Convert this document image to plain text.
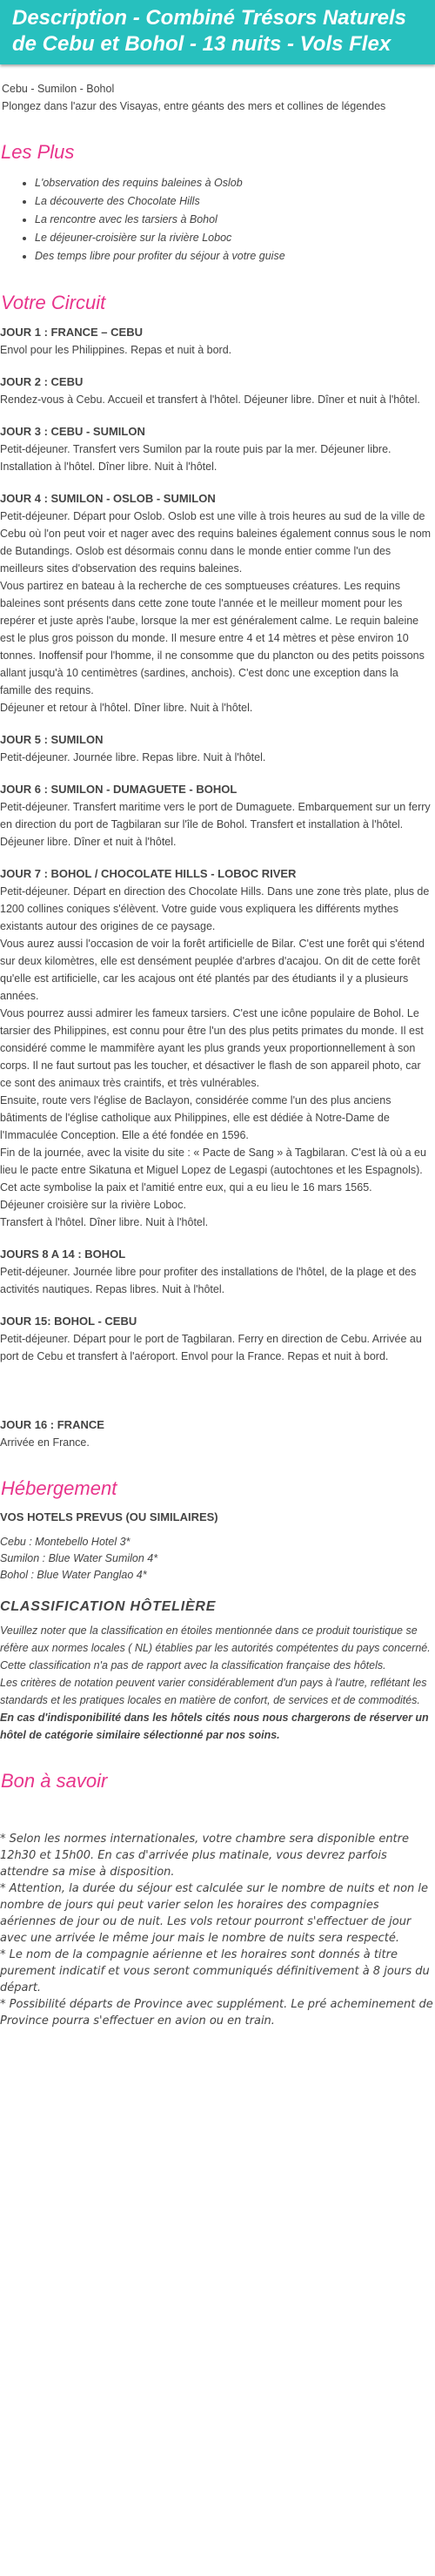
Description - Combiné Trésors Naturels de Cebu et Bohol - 13 nuits - Vols Flex

Cebu - Sumilon - Bohol

Plongez dans l'azur des Visayas, entre géants des mers et collines de légendes

Les Plus
• L'observation des requins baleines à Oslob
• La découverte des Chocolate Hills
• La rencontre avec les tarsiers à Bohol
• Le déjeuner-croisière sur la rivière Loboc
• Des temps libre pour profiter du séjour à votre guise
Votre Circuit

JOUR 1 : FRANCE – CEBU

Envol pour les Philippines. Repas et nuit à bord.

JOUR 2 : CEBU

Rendez-vous à Cebu. Accueil et transfert à l'hôtel. Déjeuner libre. Dîner et nuit à l'hôtel.

JOUR 3 : CEBU - SUMILON

Petit-déjeuner. Transfert vers Sumilon par la route puis par la mer. Déjeuner libre. Installation à l'hôtel. Dîner libre. Nuit à l'hôtel.

JOUR 4 : SUMILON - OSLOB - SUMILON

Petit-déjeuner. Départ pour Oslob. Oslob est une ville à trois heures au sud de la ville de Cebu où l'on peut voir et nager avec des requins baleines également connus sous le nom de Butandings. Oslob est désormais connu dans le monde entier comme l'un des meilleurs sites d'observation des requins baleines.

Vous partirez en bateau à la recherche de ces somptueuses créatures. Les requins baleines sont présents dans cette zone toute l'année et le meilleur moment pour les repérer et juste après l'aube, lorsque la mer est généralement calme. Le requin baleine est le plus gros poisson du monde. Il mesure entre 4 et 14 mètres et pèse environ 10 tonnes. Inoffensif pour l'homme, il ne consomme que du plancton ou des petits poissons allant jusqu'à 10 centimètres (sardines, anchois). C'est donc une exception dans la famille des requins.

Déjeuner et retour à l'hôtel. Dîner libre. Nuit à l'hôtel.

JOUR 5 : SUMILON

Petit-déjeuner. Journée libre. Repas libre. Nuit à l'hôtel.

JOUR 6 : SUMILON - DUMAGUETE - BOHOL

Petit-déjeuner. Transfert maritime vers le port de Dumaguete. Embarquement sur un ferry en direction du port de Tagbilaran sur l'île de Bohol. Transfert et installation à l'hôtel. Déjeuner libre. Dîner et nuit à l'hôtel.

JOUR 7 : BOHOL / CHOCOLATE HILLS - LOBOC RIVER

Petit-déjeuner. Départ en direction des Chocolate Hills. Dans une zone très plate, plus de 1200 collines coniques s'élèvent. Votre guide vous expliquera les différents mythes existants autour des origines de ce paysage.

Vous aurez aussi l'occasion de voir la forêt artificielle de Bilar. C'est une forêt qui s'étend sur deux kilomètres, elle est densément peuplée d'arbres d'acajou. On dit de cette forêt qu'elle est artificielle, car les acajous ont été plantés par des étudiants il y a plusieurs années.

Vous pourrez aussi admirer les fameux tarsiers. C'est une icône populaire de Bohol. Le tarsier des Philippines, est connu pour être l'un des plus petits primates du monde. Il est considéré comme le mammifère ayant les plus grands yeux proportionnellement à son corps. Il ne faut surtout pas les toucher, et désactiver le flash de son appareil photo, car ce sont des animaux très craintifs, et très vulnérables.

Ensuite, route vers l'église de Baclayon, considérée comme l'un des plus anciens bâtiments de l'église catholique aux Philippines, elle est dédiée à Notre-Dame de l'Immaculée Conception. Elle a été fondée en 1596.

Fin de la journée, avec la visite du site : « Pacte de Sang » à Tagbilaran. C'est là où a eu lieu le pacte entre Sikatuna et Miguel Lopez de Legaspi (autochtones et les Espagnols). Cet acte symbolise la paix et l'amitié entre eux, qui a eu lieu le 16 mars 1565.

Déjeuner croisière sur la rivière Loboc.

Transfert à l'hôtel. Dîner libre. Nuit à l'hôtel.

JOURS 8 A 14 : BOHOL

Petit-déjeuner. Journée libre pour profiter des installations de l'hôtel, de la plage et des activités nautiques. Repas libres. Nuit à l'hôtel.

JOUR 15: BOHOL - CEBU

Petit-déjeuner. Départ pour le port de Tagbilaran. Ferry en direction de Cebu. Arrivée au port de Cebu et transfert à l'aéroport. Envol pour la France. Repas et nuit à bord.

JOUR 16 : FRANCE

Arrivée en France.

Hébergement

VOS HOTELS PREVUS (OU SIMILAIRES)

Cebu : Montebello Hotel 3*

Sumilon : Blue Water Sumilon 4*

Bohol : Blue Water Panglao 4*

CLASSIFICATION HÔTELIÈRE

Veuillez noter que la classification en étoiles mentionnée dans ce produit touristique se réfère aux normes locales ( NL) établies par les autorités compétentes du pays concerné.

Cette classification n'a pas de rapport avec la classification française des hôtels.

Les critères de notation peuvent varier considérablement d'un pays à l'autre, reflétant les standards et les pratiques locales en matière de confort, de services et de commodités.

En cas d'indisponibilité dans les hôtels cités nous nous chargerons de réserver un hôtel de catégorie similaire sélectionné par nos soins.

Bon à savoir

* Selon les normes internationales, votre chambre sera disponible entre 12h30 et 15h00. En cas d'arrivée plus matinale, vous devrez parfois attendre sa mise à disposition.

* Attention, la durée du séjour est calculée sur le nombre de nuits et non le nombre de jours qui peut varier selon les horaires des compagnies aériennes de jour ou de nuit. Les vols retour pourront s'effectuer de jour avec une arrivée le même jour mais le nombre de nuits sera respecté.

* Le nom de la compagnie aérienne et les horaires sont donnés à titre purement indicatif et vous seront communiqués définitivement à 8 jours du départ.

* Possibilité départs de Province avec supplément. Le pré acheminement de Province pourra s'effectuer en avion ou en train.
